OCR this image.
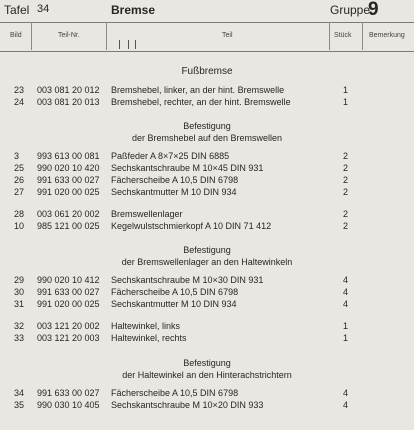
Tafel 34	Bremse	Gruppe
9
Bild	Teil-Nr.	Teil	Stück Bemerkung
Fußbremse
23 003 081 20 012 Bremshebel, linker, an der hint. Bremswelle	1
24 003 081 20 013 Bremshebel, rechter, an der hint. Bremswelle	1
Befestigung
der Bremshebel auf den Bremswellen
3 993 613 00 081 Paßfeder A 8×7×25 DIN 6885	2
25 990 020 10 420 Sechskantschraube M 10×45 DIN 931	2
26 991 633 00 027 Fächerscheibe A 10,5 DIN 6798	2
27 991 020 00 025 Sechskantmutter M 10 DIN 934	2
28 003 061 20 002 Bremswellenlager	2
10 985 121 00 025 Kegelwulstschmierkopf A 10 DIN 71 412	2
Befestigung
der Bremswellenlager an den Haltewinkeln
29 990 020 10 412 Sechskantschraube M 10×30 DIN 931	4
30 991 633 00 027 Fächerscheibe A 10,5 DIN 6798	4
31 991 020 00 025 Sechskantmutter M 10 DIN 934	4
32 003 121 20 002 Haltewinkel, links	1
33 003 121 20 003 Haltewinkel, rechts	1
Befestigung
der Haltewinkel an den Hinterachstrichtern
34 991 633 00 027 Fächerscheibe A 10,5 DIN 6798	4
35 990 030 10 405 Sechskantschraube M 10×20 DIN 933	4
